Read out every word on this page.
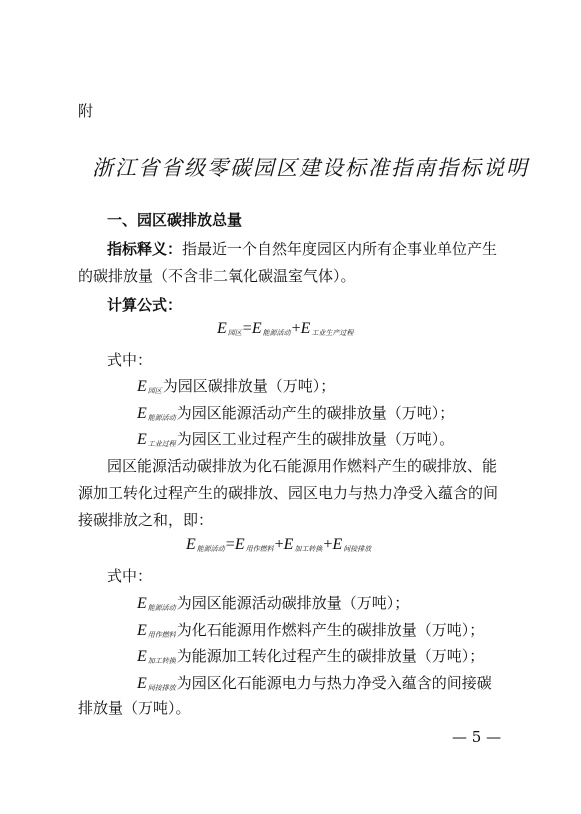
附
浙江省省级零碳园区建设标准指南指标说明
一、园区碳排放总量
指标释义：指最近一个自然年度园区内所有企事业单位产生
的碳排放量（不含非二氧化碳温室气体）。
计算公式：
$E_{园区}=E_{能源活动}+E_{工业生产过程}$
式中：
$E_{园区}$为园区碳排放量（万吨）；
$E_{能源活动}$为园区能源活动产生的碳排放量（万吨）；
$E_{工业过程}$为园区工业过程产生的碳排放量（万吨）。
园区能源活动碳排放为化石能源用作燃料产生的碳排放、能
源加工转化过程产生的碳排放、园区电力与热力净受入蕴含的间
接碳排放之和，即：
$E_{能源活动}=E_{用作燃料}+E_{加工转换}+E_{间接排放}$
式中：
$E_{能源活动}$为园区能源活动碳排放量（万吨）；
$E_{用作燃料}$为化石能源用作燃料产生的碳排放量（万吨）；
$E_{加工转换}$为能源加工转化过程产生的碳排放量（万吨）；
$E_{间接排放}$为园区化石能源电力与热力净受入蕴含的间接碳
排放量（万吨）。
— 5 —
